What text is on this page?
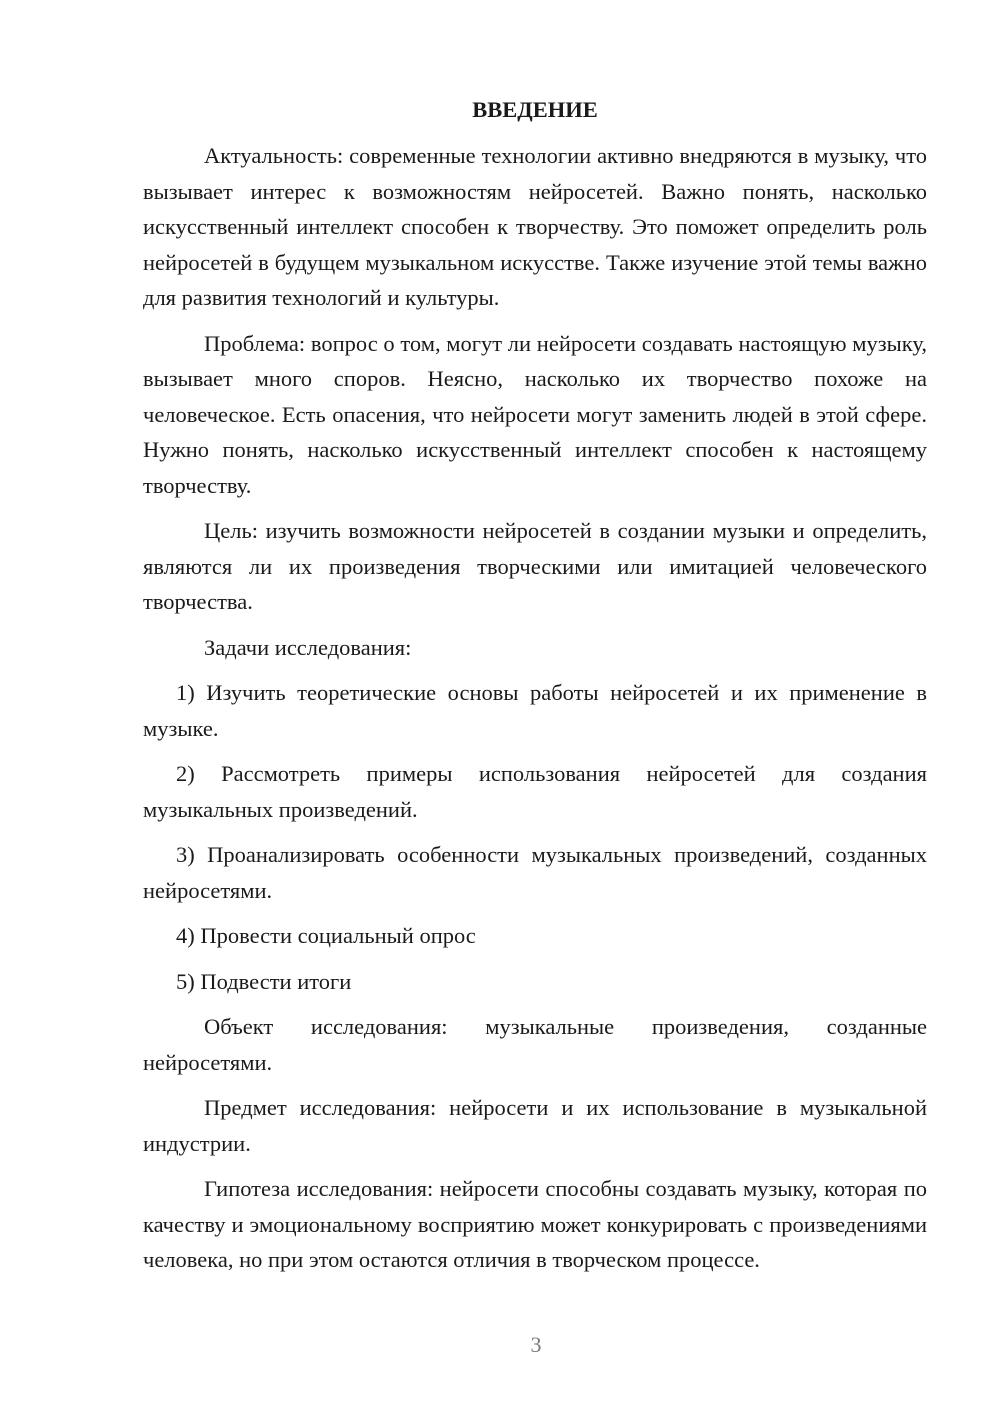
ВВЕДЕНИЕ

Актуальность: современные технологии активно внедряются в музыку, что вызывает интерес к возможностям нейросетей. Важно понять, насколько искусственный интеллект способен к творчеству. Это поможет определить роль нейросетей в будущем музыкальном искусстве. Также изучение этой темы важно для развития технологий и культуры.

Проблема: вопрос о том, могут ли нейросети создавать настоящую музыку, вызывает много споров. Неясно, насколько их творчество похоже на человеческое. Есть опасения, что нейросети могут заменить людей в этой сфере. Нужно понять, насколько искусственный интеллект способен к настоящему творчеству.

Цель: изучить возможности нейросетей в создании музыки и определить, являются ли их произведения творческими или имитацией человеческого творчества.

Задачи исследования:

1) Изучить теоретические основы работы нейросетей и их применение в музыке.

2) Рассмотреть примеры использования нейросетей для создания музыкальных произведений.

3) Проанализировать особенности музыкальных произведений, созданных нейросетями.

4) Провести социальный опрос

5) Подвести итоги

Объект исследования: музыкальные произведения, созданные нейросетями.

Предмет исследования: нейросети и их использование в музыкальной индустрии.

Гипотеза исследования: нейросети способны создавать музыку, которая по качеству и эмоциональному восприятию может конкурировать с произведениями человека, но при этом остаются отличия в творческом процессе.

3
